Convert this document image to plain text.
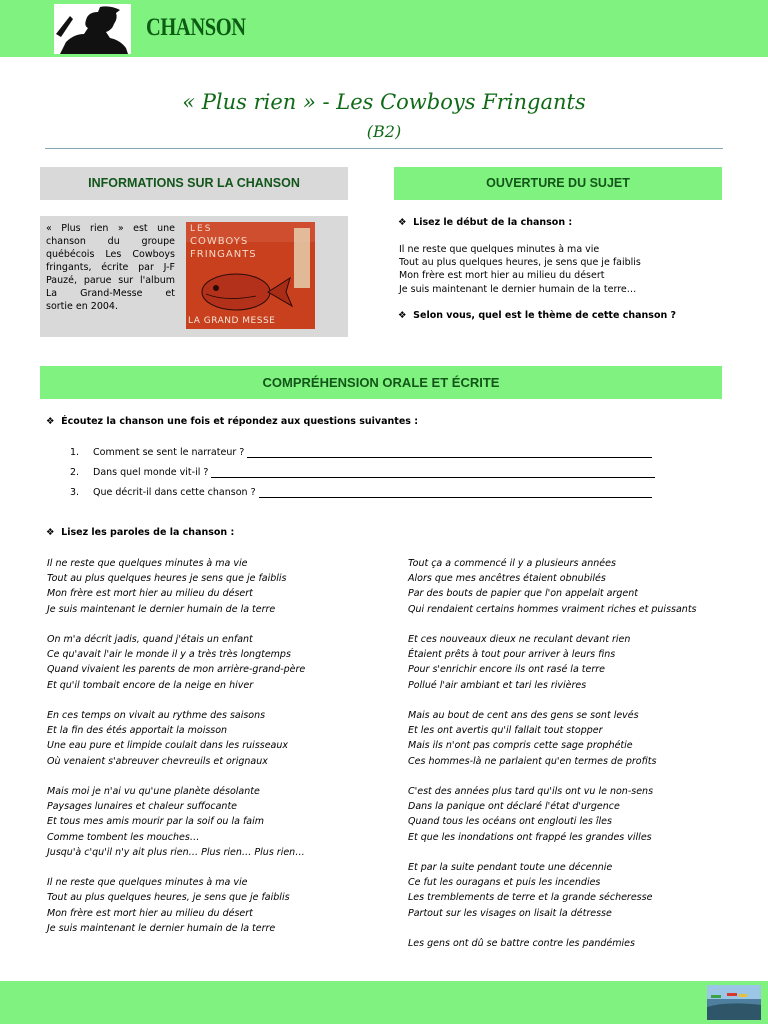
CHANSON
« Plus rien » - Les Cowboys Fringants
(B2)
INFORMATIONS SUR LA CHANSON	OUVERTURE DU SUJET
« Plus rien » est une
chanson du groupe
québécois Les Cowboys
fringants, écrite par J-F
Pauzé, parue sur l'album
La Grand-Messe et
sortie en 2004.
LES
COWBOYS
FRINGANTS
LA GRAND MESSE
❖ Lisez le début de la chanson :
Il ne reste que quelques minutes à ma vie
Tout au plus quelques heures, je sens que je faiblis
Mon frère est mort hier au milieu du désert
Je suis maintenant le dernier humain de la terre…
❖ Selon vous, quel est le thème de cette chanson ?
COMPRÉHENSION ORALE ET ÉCRITE
❖ Écoutez la chanson une fois et répondez aux questions suivantes :
1.	Comment se sent le narrateur ?
2.	Dans quel monde vit-il ?
3.	Que décrit-il dans cette chanson ?
❖ Lisez les paroles de la chanson :
Il ne reste que quelques minutes à ma vie
Tout au plus quelques heures je sens que je faiblis
Mon frère est mort hier au milieu du désert
Je suis maintenant le dernier humain de la terre
On m'a décrit jadis, quand j'étais un enfant
Ce qu'avait l'air le monde il y a très très longtemps
Quand vivaient les parents de mon arrière-grand-père
Et qu'il tombait encore de la neige en hiver
En ces temps on vivait au rythme des saisons
Et la fin des étés apportait la moisson
Une eau pure et limpide coulait dans les ruisseaux
Où venaient s'abreuver chevreuils et orignaux
Mais moi je n'ai vu qu'une planète désolante
Paysages lunaires et chaleur suffocante
Et tous mes amis mourir par la soif ou la faim
Comme tombent les mouches…
Jusqu'à c'qu'il n'y ait plus rien… Plus rien… Plus rien…
Il ne reste que quelques minutes à ma vie
Tout au plus quelques heures, je sens que je faiblis
Mon frère est mort hier au milieu du désert
Je suis maintenant le dernier humain de la terre
Tout ça a commencé il y a plusieurs années
Alors que mes ancêtres étaient obnubilés
Par des bouts de papier que l'on appelait argent
Qui rendaient certains hommes vraiment riches et puissants
Et ces nouveaux dieux ne reculant devant rien
Étaient prêts à tout pour arriver à leurs fins
Pour s'enrichir encore ils ont rasé la terre
Pollué l'air ambiant et tari les rivières
Mais au bout de cent ans des gens se sont levés
Et les ont avertis qu'il fallait tout stopper
Mais ils n'ont pas compris cette sage prophétie
Ces hommes-là ne parlaient qu'en termes de profits
C'est des années plus tard qu'ils ont vu le non-sens
Dans la panique ont déclaré l'état d'urgence
Quand tous les océans ont englouti les îles
Et que les inondations ont frappé les grandes villes
Et par la suite pendant toute une décennie
Ce fut les ouragans et puis les incendies
Les tremblements de terre et la grande sécheresse
Partout sur les visages on lisait la détresse
Les gens ont dû se battre contre les pandémies
